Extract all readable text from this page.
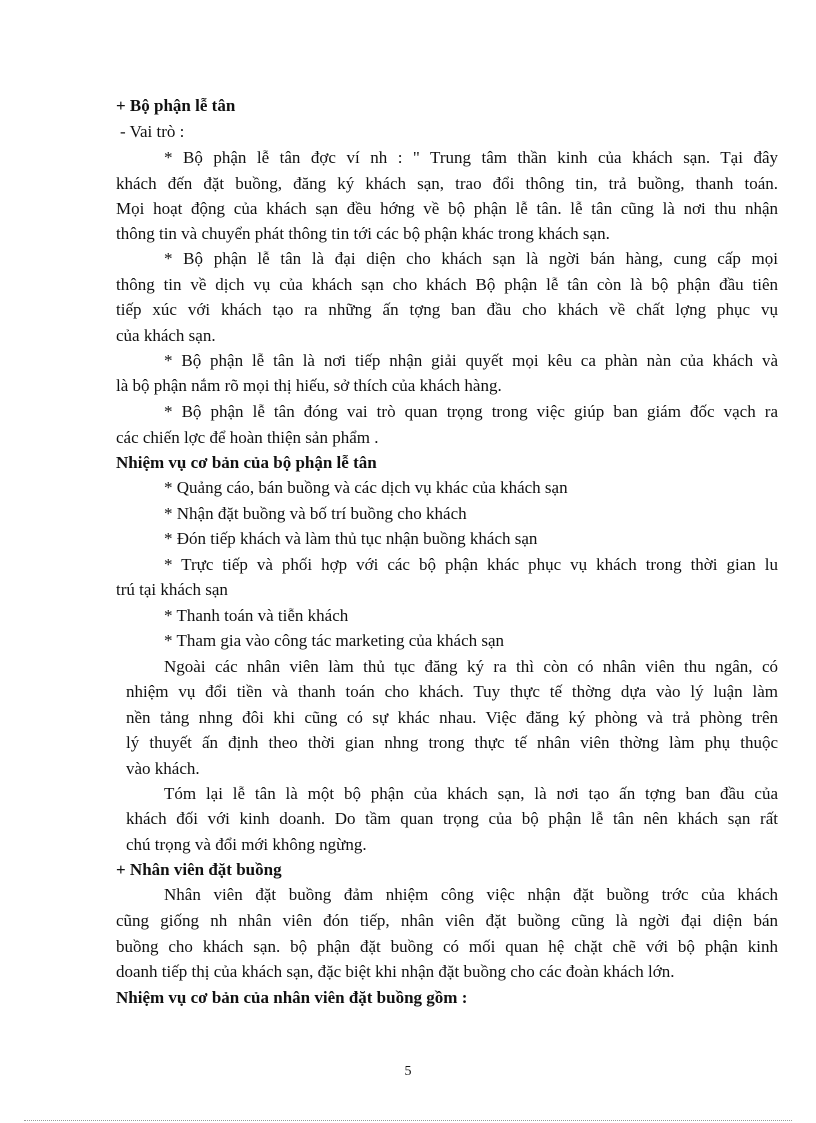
+ Bộ phận lễ tân
- Vai trò :
* Bộ phận lễ tân đợc ví nh : " Trung tâm thần kinh của khách sạn. Tại đây
khách đến đặt buồng, đăng ký khách sạn, trao đổi thông tin, trả buồng, thanh toán.
Mọi hoạt động của khách sạn đều hớng về bộ phận lễ tân. lễ tân cũng là nơi thu nhận
thông tin và chuyển phát thông tin tới các bộ phận khác trong khách sạn.
* Bộ phận lễ tân là đại diện cho khách sạn là ngời bán hàng, cung cấp mọi
thông tin về dịch vụ của khách sạn cho khách Bộ phận lễ tân còn là bộ phận đầu tiên
tiếp xúc với khách tạo ra những ấn tợng ban đầu cho khách về chất lợng phục vụ
của khách sạn.
* Bộ phận lễ tân là nơi tiếp nhận giải quyết mọi kêu ca phàn nàn của khách và
là bộ phận nắm rõ mọi thị hiếu, sở thích của khách hàng.
* Bộ phận lễ tân đóng vai trò quan trọng trong việc giúp ban giám đốc vạch ra
các chiến lợc để hoàn thiện sản phẩm .
Nhiệm vụ cơ bản của bộ phận lễ tân
* Quảng cáo, bán buồng và các dịch vụ khác của khách sạn
* Nhận đặt buồng và bố trí buồng cho khách
* Đón tiếp khách và làm thủ tục nhận buồng khách sạn
* Trực tiếp và phối hợp với các bộ phận khác phục vụ khách trong thời gian lu
trú tại khách sạn
* Thanh toán và tiễn khách
* Tham gia vào công tác marketing của khách sạn
Ngoài các nhân viên làm thủ tục đăng ký ra thì còn có nhân viên thu ngân, có
nhiệm vụ đổi tiền và thanh toán cho khách. Tuy thực tế thờng dựa vào lý luận làm
nền tảng nhng đôi khi cũng có sự khác nhau. Việc đăng ký phòng và trả phòng trên
lý thuyết ấn định theo thời gian nhng trong thực tế nhân viên thờng làm phụ thuộc
vào khách.
Tóm lại lễ tân là một bộ phận của khách sạn, là nơi tạo ấn tợng ban đầu của
khách đối với kinh doanh. Do tầm quan trọng của bộ phận lễ tân nên khách sạn rất
chú trọng và đổi mới không ngừng.
+ Nhân viên đặt buồng
Nhân viên đặt buồng đảm nhiệm công việc nhận đặt buồng trớc của khách
cũng giống nh nhân viên đón tiếp, nhân viên đặt buồng cũng là ngời đại diện bán
buồng cho khách sạn. bộ phận đặt buồng có mối quan hệ chặt chẽ với bộ phận kinh
doanh tiếp thị của khách sạn, đặc biệt khi nhận đặt buồng cho các đoàn khách lớn.
Nhiệm vụ cơ bản của nhân viên đặt buồng gồm :
5
